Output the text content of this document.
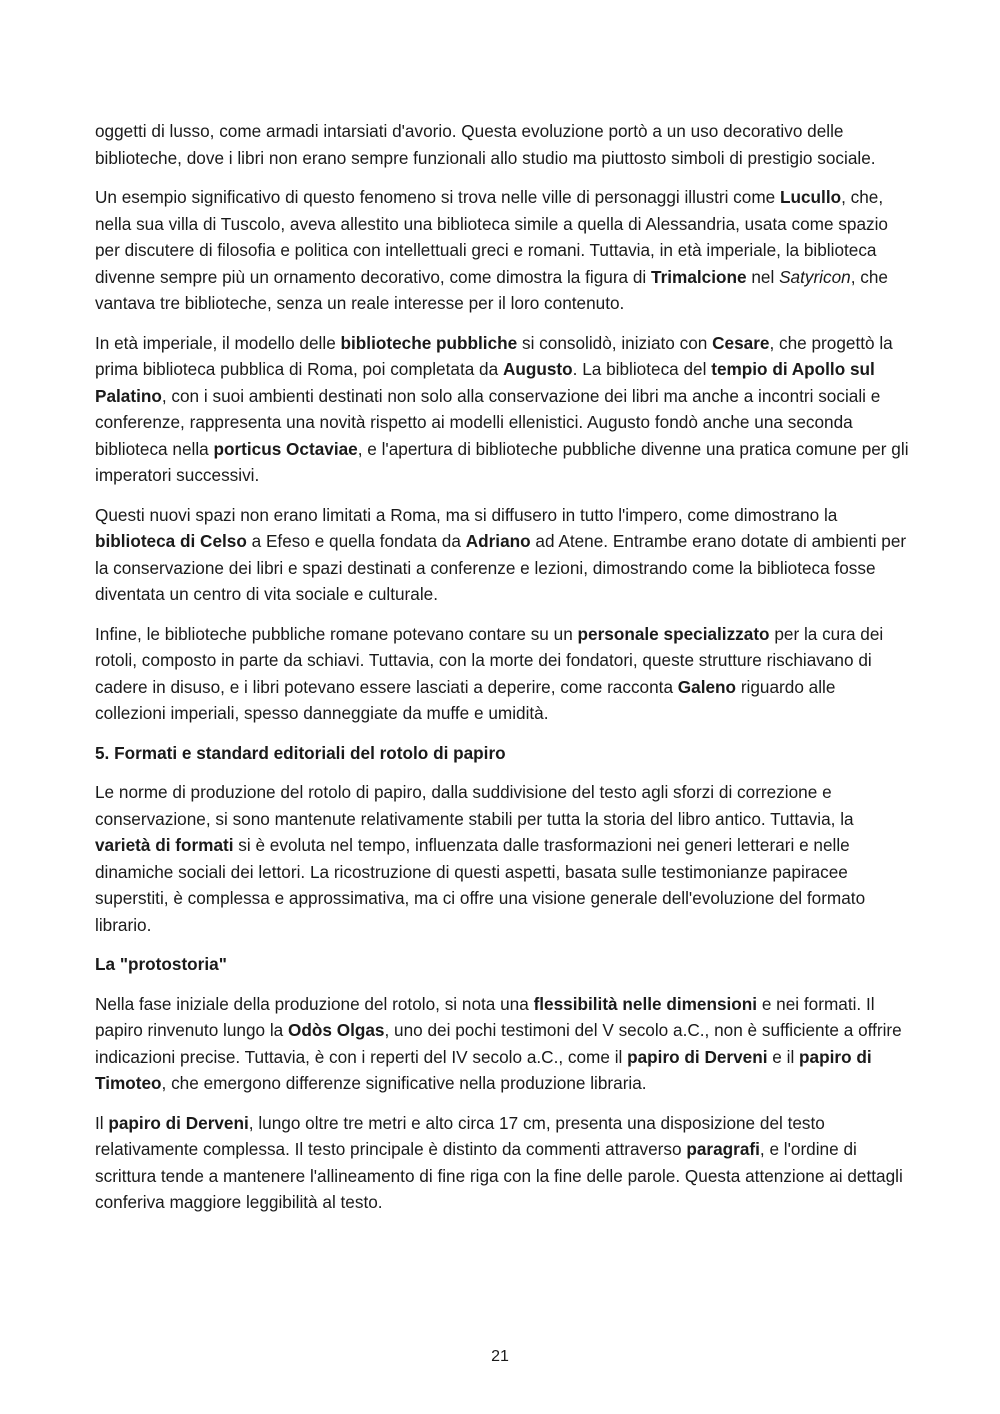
oggetti di lusso, come armadi intarsiati d'avorio. Questa evoluzione portò a un uso decorativo delle biblioteche, dove i libri non erano sempre funzionali allo studio ma piuttosto simboli di prestigio sociale.

Un esempio significativo di questo fenomeno si trova nelle ville di personaggi illustri come Lucullo, che, nella sua villa di Tuscolo, aveva allestito una biblioteca simile a quella di Alessandria, usata come spazio per discutere di filosofia e politica con intellettuali greci e romani. Tuttavia, in età imperiale, la biblioteca divenne sempre più un ornamento decorativo, come dimostra la figura di Trimalcione nel Satyricon, che vantava tre biblioteche, senza un reale interesse per il loro contenuto.

In età imperiale, il modello delle biblioteche pubbliche si consolidò, iniziato con Cesare, che progettò la prima biblioteca pubblica di Roma, poi completata da Augusto. La biblioteca del tempio di Apollo sul Palatino, con i suoi ambienti destinati non solo alla conservazione dei libri ma anche a incontri sociali e conferenze, rappresenta una novità rispetto ai modelli ellenistici. Augusto fondò anche una seconda biblioteca nella porticus Octaviae, e l'apertura di biblioteche pubbliche divenne una pratica comune per gli imperatori successivi.

Questi nuovi spazi non erano limitati a Roma, ma si diffusero in tutto l'impero, come dimostrano la biblioteca di Celso a Efeso e quella fondata da Adriano ad Atene. Entrambe erano dotate di ambienti per la conservazione dei libri e spazi destinati a conferenze e lezioni, dimostrando come la biblioteca fosse diventata un centro di vita sociale e culturale.

Infine, le biblioteche pubbliche romane potevano contare su un personale specializzato per la cura dei rotoli, composto in parte da schiavi. Tuttavia, con la morte dei fondatori, queste strutture rischiavano di cadere in disuso, e i libri potevano essere lasciati a deperire, come racconta Galeno riguardo alle collezioni imperiali, spesso danneggiate da muffe e umidità.

5. Formati e standard editoriali del rotolo di papiro

Le norme di produzione del rotolo di papiro, dalla suddivisione del testo agli sforzi di correzione e conservazione, si sono mantenute relativamente stabili per tutta la storia del libro antico. Tuttavia, la varietà di formati si è evoluta nel tempo, influenzata dalle trasformazioni nei generi letterari e nelle dinamiche sociali dei lettori. La ricostruzione di questi aspetti, basata sulle testimonianze papiracee superstiti, è complessa e approssimativa, ma ci offre una visione generale dell'evoluzione del formato librario.

La "protostoria"

Nella fase iniziale della produzione del rotolo, si nota una flessibilità nelle dimensioni e nei formati. Il papiro rinvenuto lungo la Odòs Olgas, uno dei pochi testimoni del V secolo a.C., non è sufficiente a offrire indicazioni precise. Tuttavia, è con i reperti del IV secolo a.C., come il papiro di Derveni e il papiro di Timoteo, che emergono differenze significative nella produzione libraria.

Il papiro di Derveni, lungo oltre tre metri e alto circa 17 cm, presenta una disposizione del testo relativamente complessa. Il testo principale è distinto da commenti attraverso paragrafi, e l'ordine di scrittura tende a mantenere l'allineamento di fine riga con la fine delle parole. Questa attenzione ai dettagli conferiva maggiore leggibilità al testo.

21
